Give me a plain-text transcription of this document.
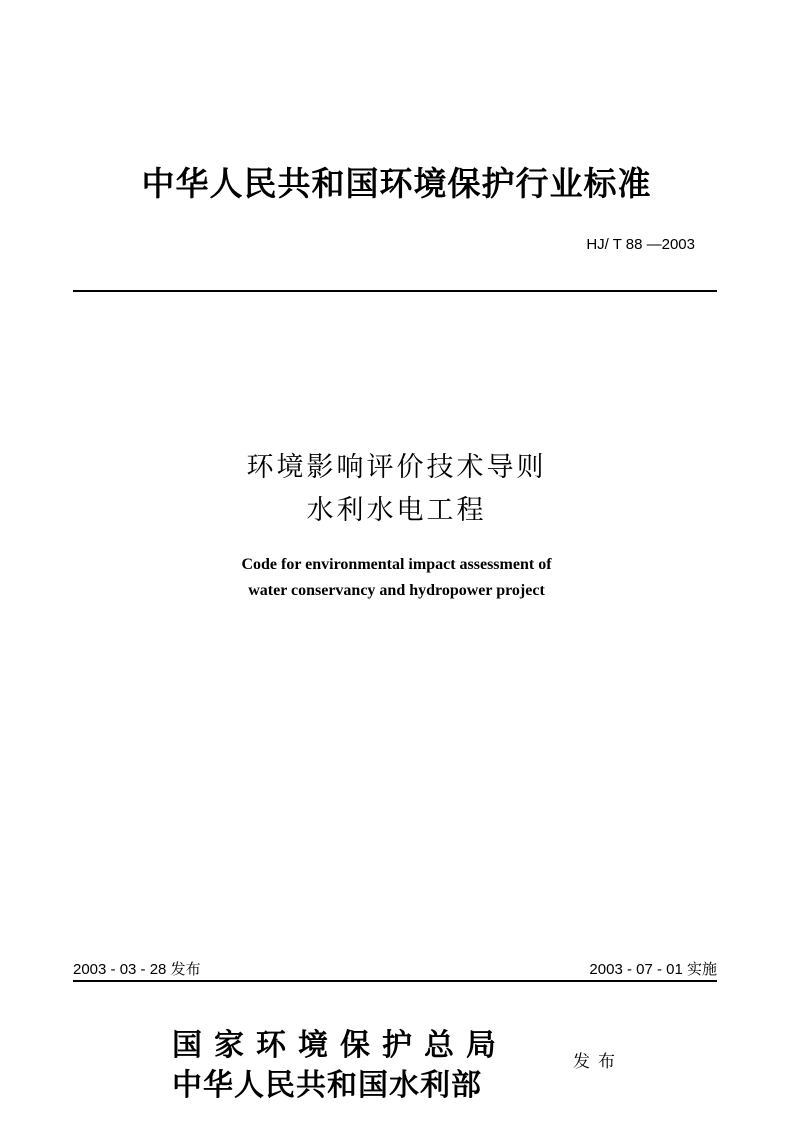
中华人民共和国环境保护行业标准
HJ/ T 88 —2003
环境影响评价技术导则
水利水电工程
Code for environmental impact assessment of
water conservancy and hydropower project
2003 - 03 - 28 发布	2003 - 07 - 01 实施
国家环境保护总局
中华人民共和国水利部
发布
